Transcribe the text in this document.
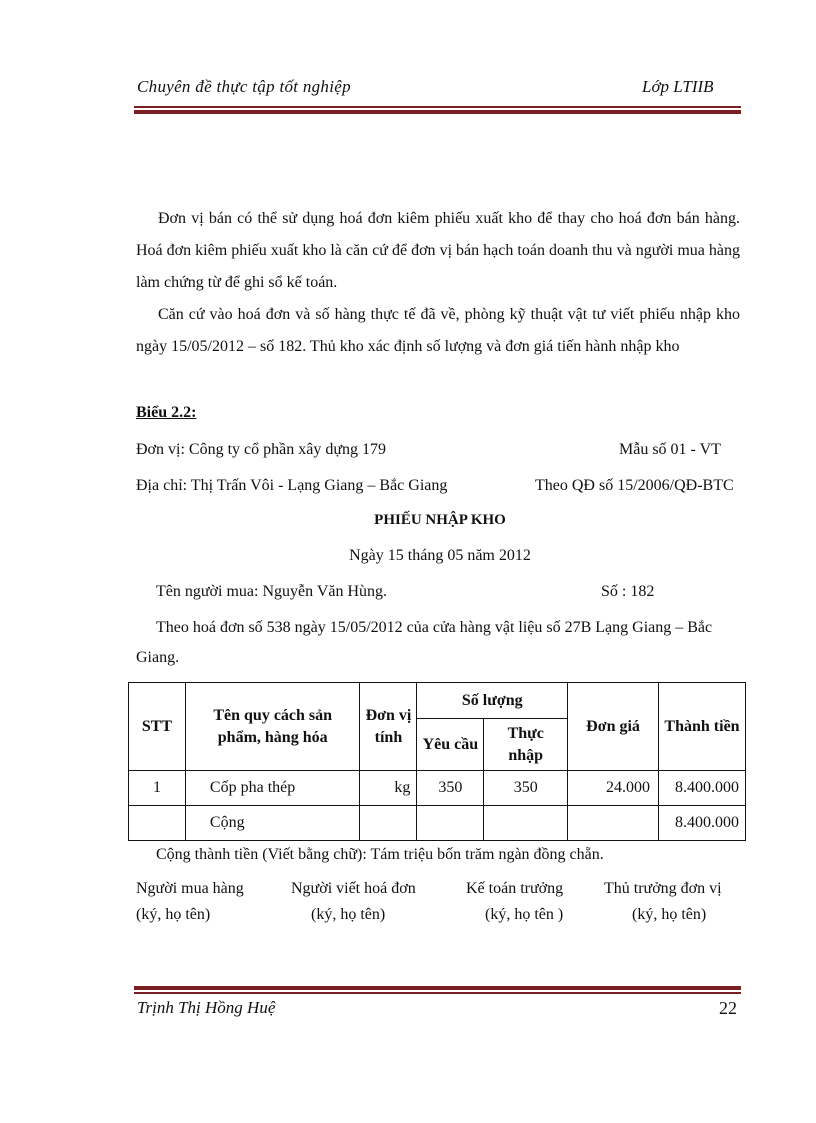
Chuyên đề thực tập tốt nghiệp	Lớp LTIIB
Đơn vị bán có thể sử dụng hoá đơn kiêm phiếu xuất kho để thay cho hoá đơn bán hàng. Hoá đơn kiêm phiếu xuất kho là căn cứ để đơn vị bán hạch toán doanh thu và người mua hàng làm chứng từ để ghi sổ kế toán.
Căn cứ vào hoá đơn và số hàng thực tế đã về, phòng kỹ thuật vật tư viết phiếu nhập kho ngày 15/05/2012 – số 182. Thủ kho xác định số lượng và đơn giá tiến hành nhập kho
Biểu 2.2:
Đơn vị: Công ty cổ phần xây dựng 179	Mẫu số 01 - VT
Địa chỉ: Thị Trấn Vôi - Lạng Giang – Bắc Giang	Theo QĐ số 15/2006/QĐ-BTC
PHIẾU NHẬP KHO
Ngày 15 tháng 05 năm 2012
Tên người mua: Nguyễn Văn Hùng.	Số : 182
Theo hoá đơn số 538 ngày 15/05/2012 của cửa hàng vật liệu số 27B Lạng Giang – Bắc
Giang.
STT	Tên quy cách sản phẩm, hàng hóa	Đơn vị tính	Số lượng		Đơn giá	Thành tiền
			Yêu cầu	Thực nhập		
1	Cốp pha thép	kg	350	350	24.000	8.400.000
	Cộng					8.400.000
Cộng thành tiền (Viết bằng chữ): Tám triệu bốn trăm ngàn đồng chẵn.
Người mua hàng
(ký, họ tên)
Người viết hoá đơn
(ký, họ tên)
Kế toán trưởng
(ký, họ tên )
Thủ trưởng đơn vị
(ký, họ tên)
Trịnh Thị Hồng Huệ	22
